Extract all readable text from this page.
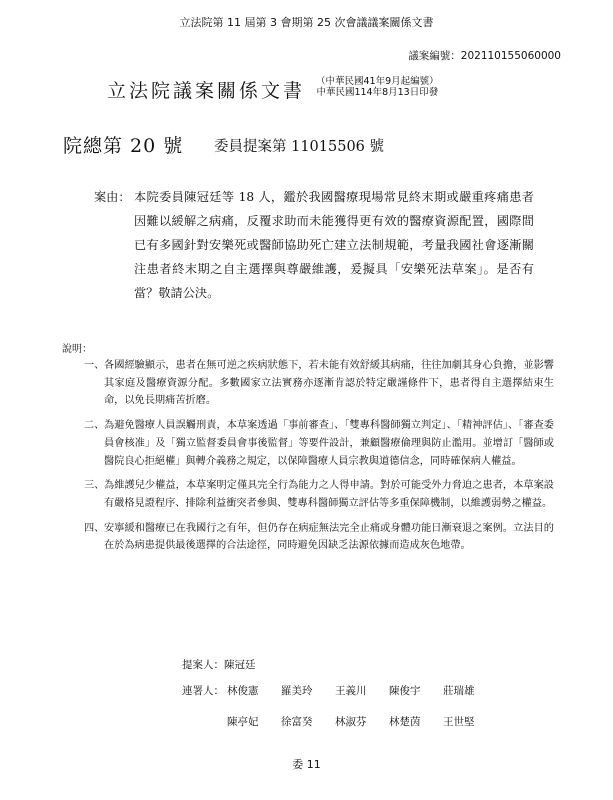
立法院第 11 屆第 3 會期第 25 次會議議案關係文書
議案編號：202110155060000
立法院議案關係文書 （中華民國41年9月起編號）
中華民國114年8月13日印發
院總第 20 號 委員提案第 11015506 號
案由： 本院委員陳冠廷等 18 人，鑑於我國醫療現場常見終末期或嚴重疼痛患者因難以緩解之病痛，反覆求助而未能獲得更有效的醫療資源配置，國際間已有多國針對安樂死或醫師協助死亡建立法制規範，考量我國社會逐漸關注患者終末期之自主選擇與尊嚴維護，爰擬具「安樂死法草案」。是否有當？敬請公決。
說明：
一、 各國經驗顯示，患者在無可逆之疾病狀態下，若未能有效舒緩其病痛，往往加劇其身心負擔，並影響其家庭及醫療資源分配。多數國家立法實務亦逐漸肯認於特定嚴謹條件下，患者得自主選擇結束生命，以免長期痛苦折磨。
二、 為避免醫療人員誤觸刑責，本草案透過「事前審查」、「雙專科醫師獨立判定」、「精神評估」、「審查委員會核准」及「獨立監督委員會事後監督」等要件設計，兼顧醫療倫理與防止濫用。並增訂「醫師或醫院良心拒絕權」與轉介義務之規定，以保障醫療人員宗教與道德信念，同時確保病人權益。
三、 為維護兒少權益，本草案明定僅具完全行為能力之人得申請。對於可能受外力脅迫之患者，本草案設有嚴格見證程序、排除利益衝突者參與、雙專科醫師獨立評估等多重保障機制，以維護弱勢之權益。
四、 安寧緩和醫療已在我國行之有年，但仍存在病症無法完全止痛或身體功能日漸衰退之案例。立法目的在於為病患提供最後選擇的合法途徑，同時避免因缺乏法源依據而造成灰色地帶。
提案人：陳冠廷
連署人： 林俊憲	羅美玲	王義川	陳俊宇	莊瑞雄
陳亭妃	徐富癸	林淑芬	林楚茵	王世堅
委 11
